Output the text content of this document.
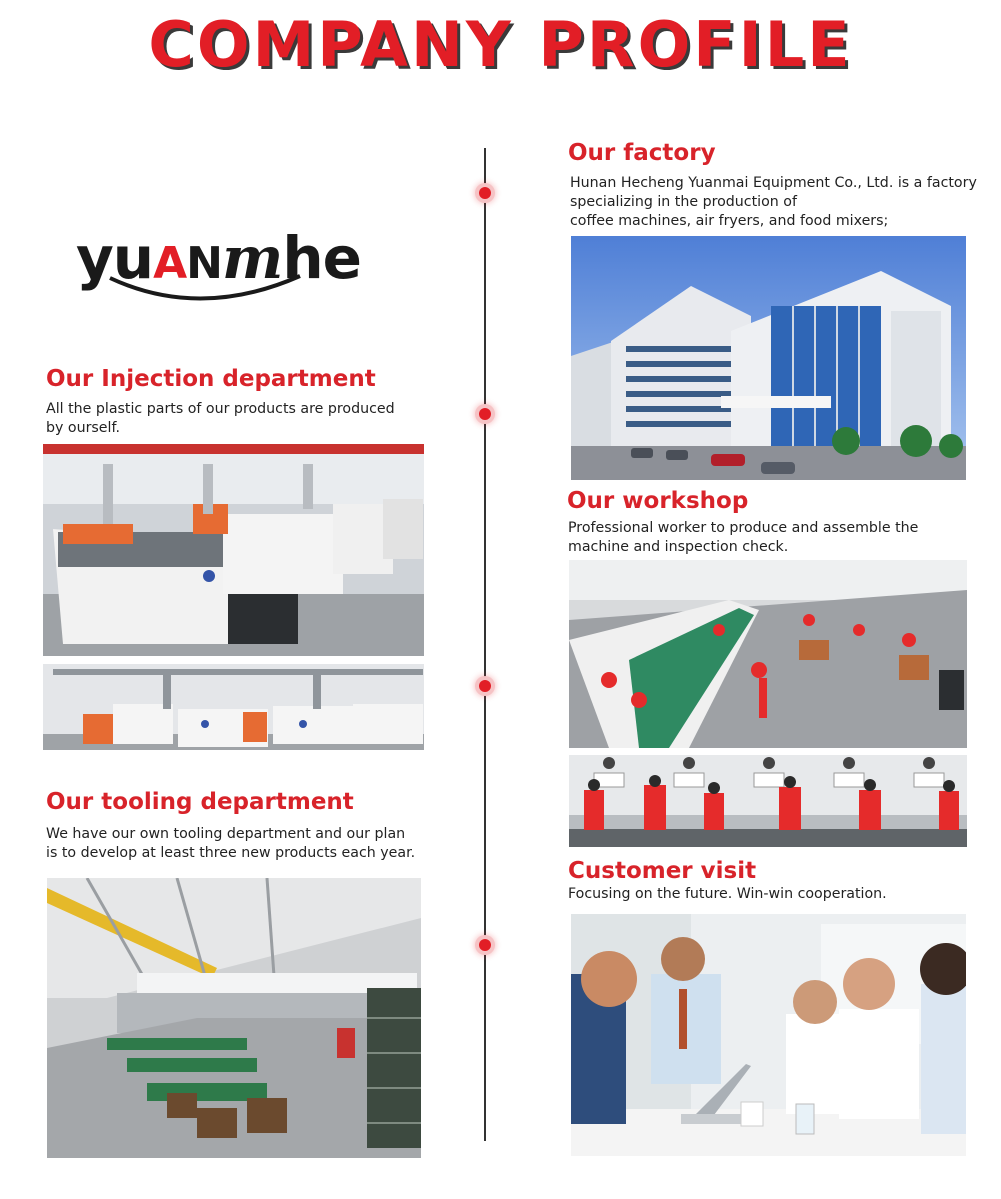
COMPANY PROFILE
yuANmhe
Our factory
Hunan Hecheng Yuanmai Equipment Co., Ltd. is a factory
specializing in the production of
coffee machines, air fryers, and food mixers;
Our Injection department
All the plastic parts of our products are produced
by ourself.
Our workshop
Professional worker to produce and assemble the
machine and inspection check.
Our tooling department
We have our own tooling department and our plan
is to develop at least three new products each year.
Customer visit
Focusing on the future. Win-win cooperation.
